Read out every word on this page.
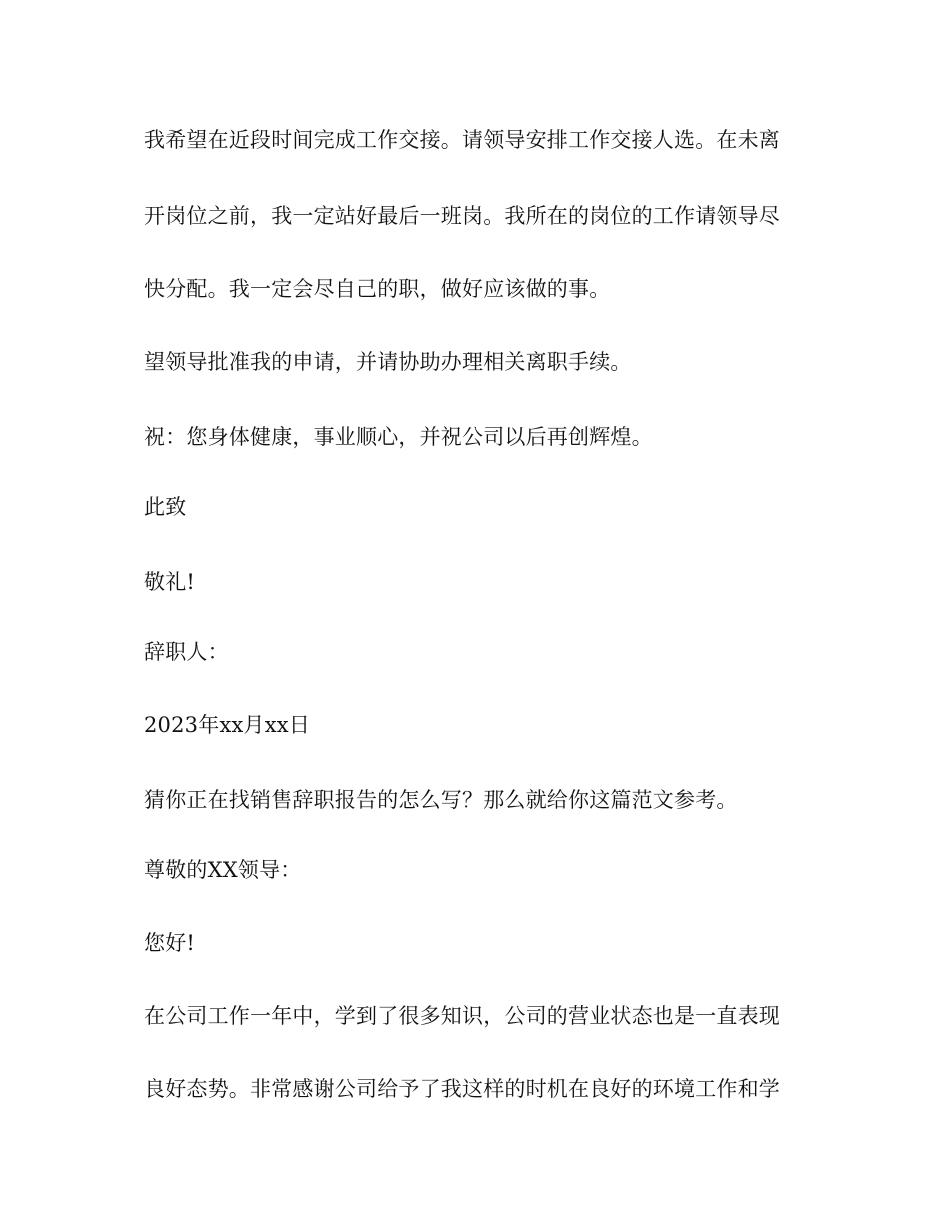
我希望在近段时间完成工作交接。请领导安排工作交接人选。在未离
开岗位之前，我一定站好最后一班岗。我所在的岗位的工作请领导尽
快分配。我一定会尽自己的职，做好应该做的事。
望领导批准我的申请，并请协助办理相关离职手续。
祝：您身体健康，事业顺心，并祝公司以后再创辉煌。
此致
敬礼!
辞职人：
2023年xx月xx日
猜你正在找销售辞职报告的怎么写？那么就给你这篇范文参考。
尊敬的XX领导：
您好!
在公司工作一年中，学到了很多知识，公司的营业状态也是一直表现
良好态势。非常感谢公司给予了我这样的时机在良好的环境工作和学
